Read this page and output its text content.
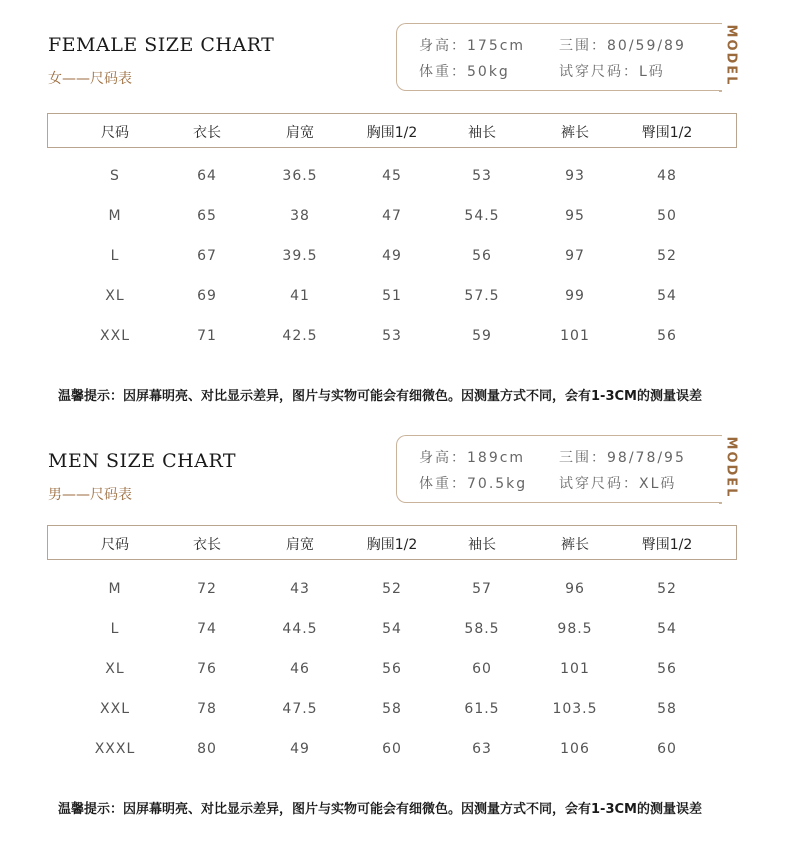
FEMALE SIZE CHART
女——尺码表
身高：175cm 三围：80/59/89
体重：50kg	试穿尺码：L码	MODEL
尺码	衣长	肩宽	胸围1/2	袖长	裤长	臀围1/2
S	64	36.5	45	53	93	48
M	65	38	47	54.5	95	50
L	67	39.5	49	56	97	52
XL	69	41	51	57.5	99	54
XXL	71	42.5	53	59	101	56
温馨提示：因屏幕明亮、对比显示差异，图片与实物可能会有细微色。因测量方式不同，会有1-3CM的测量误差
MEN SIZE CHART
男——尺码表
身高：189cm 三围：98/78/95
体重：70.5kg 试穿尺码：XL码	MODEL
尺码	衣长	肩宽	胸围1/2	袖长	裤长	臀围1/2
M	72	43	52	57	96	52
L	74	44.5	54	58.5	98.5	54
XL	76	46	56	60	101	56
XXL	78	47.5	58	61.5	103.5	58
XXXL	80	49	60	63	106	60
温馨提示：因屏幕明亮、对比显示差异，图片与实物可能会有细微色。因测量方式不同，会有1-3CM的测量误差
